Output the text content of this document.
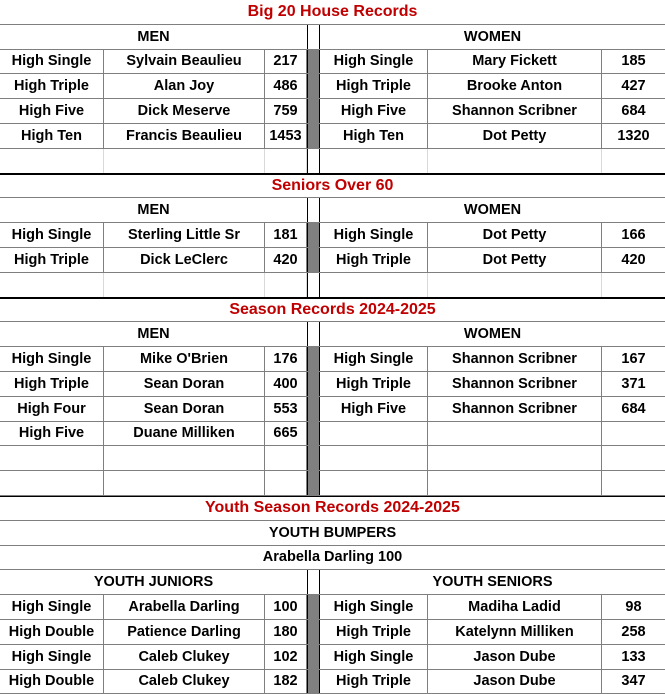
Big 20 House Records
MEN	WOMEN
High Single	Sylvain Beaulieu	217	High Single	Mary Fickett	185
High Triple	Alan Joy	486	High Triple	Brooke Anton	427
High Five	Dick Meserve	759	High Five	Shannon Scribner	684
High Ten	Francis Beaulieu	1453	High Ten	Dot Petty	1320
Seniors Over 60
MEN	WOMEN
High Single	Sterling Little Sr	181	High Single	Dot Petty	166
High Triple	Dick LeClerc	420	High Triple	Dot Petty	420
Season Records 2024-2025
MEN	WOMEN
High Single	Mike O'Brien	176	High Single	Shannon Scribner	167
High Triple	Sean Doran	400	High Triple	Shannon Scribner	371
High Four	Sean Doran	553	High Five	Shannon Scribner	684
High Five	Duane Milliken	665
Youth Season Records 2024-2025
YOUTH BUMPERS
Arabella Darling 100
YOUTH JUNIORS	YOUTH SENIORS
High Single	Arabella Darling	100	High Single	Madiha Ladid	98
High Double	Patience Darling	180	High Triple	Katelynn Milliken	258
High Single	Caleb Clukey	102	High Single	Jason Dube	133
High Double	Caleb Clukey	182	High Triple	Jason Dube	347
